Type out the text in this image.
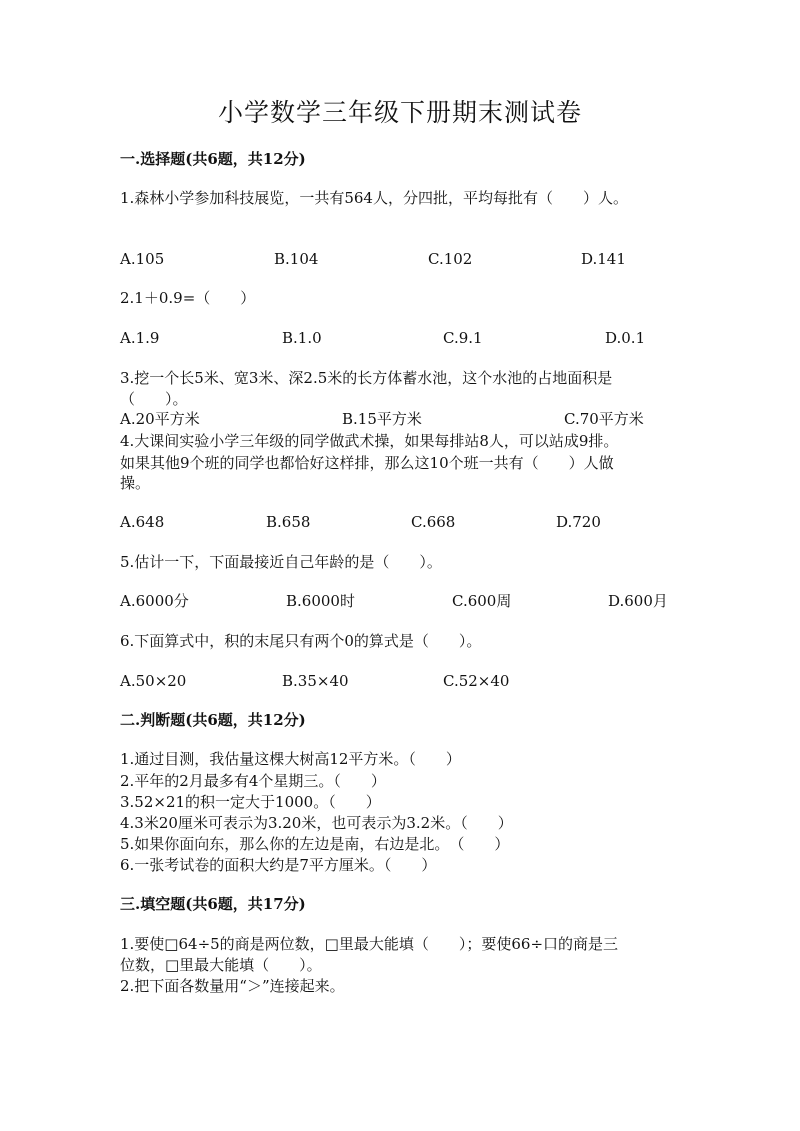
小学数学三年级下册期末测试卷
一.选择题(共6题，共12分)
1.森林小学参加科技展览，一共有564人，分四批，平均每批有（　　）人。
A.105	B.104	C.102	D.141
2.1＋0.9=（　　）
A.1.9	B.1.0	C.9.1	D.0.1
3.挖一个长5米、宽3米、深2.5米的长方体蓄水池，这个水池的占地面积是
（　　）。
A.20平方米	B.15平方米	C.70平方米
4.大课间实验小学三年级的同学做武术操，如果每排站8人，可以站成9排。
如果其他9个班的同学也都恰好这样排，那么这10个班一共有（　　）人做
操。
A.648	B.658	C.668	D.720
5.估计一下，下面最接近自己年龄的是（　　）。
A.6000分	B.6000时	C.600周	D.600月
6.下面算式中，积的末尾只有两个0的算式是（　　）。
A.50×20	B.35×40	C.52×40
二.判断题(共6题，共12分)
1.通过目测，我估量这棵大树高12平方米。（　　）
2.平年的2月最多有4个星期三。（　　）
3.52×21的积一定大于1000。（　　）
4.3米20厘米可表示为3.20米，也可表示为3.2米。（　　）
5.如果你面向东，那么你的左边是南，右边是北。　（　　）
6.一张考试卷的面积大约是7平方厘米。（　　）
三.填空题(共6题，共17分)
1.要使□64÷5的商是两位数，□里最大能填（　　）；要使66÷口的商是三
位数，□里最大能填（　　）。
2.把下面各数量用“＞”连接起来。
